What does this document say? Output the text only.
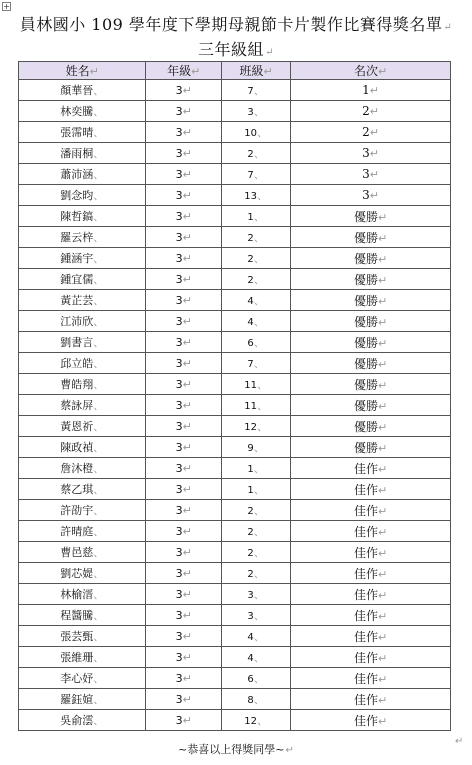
+
員林國小 109 學年度下學期母親節卡片製作比賽得獎名單↵
三年級組↵
姓名↵	年級↵	班級↵	名次↵
顏華晉、	3↵	7、	1↵
林奕騰、	3↵	3、	2↵
張霈晴、	3↵	10、	2↵
潘雨桐、	3↵	2、	3↵
蕭沛涵、	3↵	7、	3↵
劉念昀、	3↵	13、	3↵
陳哲鎬、	3↵	1、	優勝↵
羅云梓、	3↵	2、	優勝↵
鍾涵宇、	3↵	2、	優勝↵
鍾宜儒、	3↵	2、	優勝↵
黃芷芸、	3↵	4、	優勝↵
江沛欣、	3↵	4、	優勝↵
劉書言、	3↵	6、	優勝↵
邱立皓、	3↵	7、	優勝↵
曹皓翔、	3↵	11、	優勝↵
蔡詠屏、	3↵	11、	優勝↵
黃恩祈、	3↵	12、	優勝↵
陳政禎、	3↵	9、	優勝↵
詹沐橙、	3↵	1、	佳作↵
蔡乙琪、	3↵	1、	佳作↵
許劭宇、	3↵	2、	佳作↵
許晴庭、	3↵	2、	佳作↵
曹邑慈、	3↵	2、	佳作↵
劉芯媞、	3↵	2、	佳作↵
林榆溍、	3↵	3、	佳作↵
程醬騰、	3↵	3、	佳作↵
張芸甄、	3↵	4、	佳作↵
張維珊、	3↵	4、	佳作↵
李心妤、	3↵	6、	佳作↵
羅鈺媗、	3↵	8、	佳作↵
吳俞澐、	3↵	12、	佳作↵
↵
~恭喜以上得獎同學~↵
